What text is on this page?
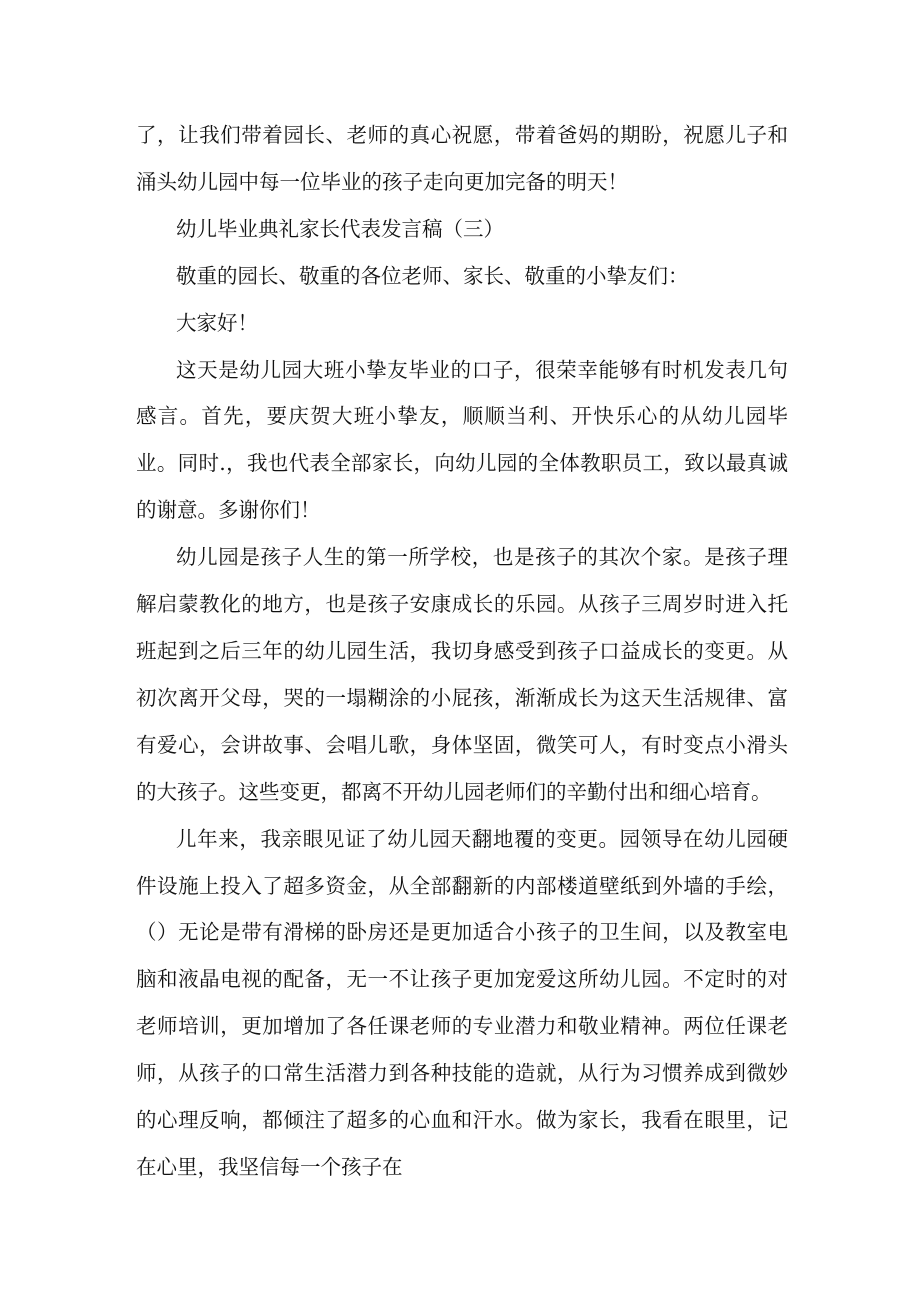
了，让我们带着园长、老师的真心祝愿，带着爸妈的期盼，祝愿儿子和涌头幼儿园中每一位毕业的孩子走向更加完备的明天！

幼儿毕业典礼家长代表发言稿（三）

敬重的园长、敬重的各位老师、家长、敬重的小挚友们：

大家好！

这天是幼儿园大班小挚友毕业的口子，很荣幸能够有时机发表几句感言。首先，要庆贺大班小挚友，顺顺当利、开快乐心的从幼儿园毕业。同时.，我也代表全部家长，向幼儿园的全体教职员工，致以最真诚的谢意。多谢你们！

幼儿园是孩子人生的第一所学校，也是孩子的其次个家。是孩子理解启蒙教化的地方，也是孩子安康成长的乐园。从孩子三周岁时进入托班起到之后三年的幼儿园生活，我切身感受到孩子口益成长的变更。从初次离开父母，哭的一塌糊涂的小屁孩，渐渐成长为这天生活规律、富有爱心，会讲故事、会唱儿歌，身体坚固，微笑可人，有时变点小滑头的大孩子。这些变更，都离不开幼儿园老师们的辛勤付出和细心培育。

儿年来，我亲眼见证了幼儿园天翻地覆的变更。园领导在幼儿园硬件设施上投入了超多资金，从全部翻新的内部楼道壁纸到外墙的手绘，（）无论是带有滑梯的卧房还是更加适合小孩子的卫生间，以及教室电脑和液晶电视的配备，无一不让孩子更加宠爱这所幼儿园。不定时的对老师培训，更加增加了各任课老师的专业潜力和敬业精神。两位任课老师，从孩子的口常生活潜力到各种技能的造就，从行为习惯养成到微妙的心理反响，都倾注了超多的心血和汗水。做为家长，我看在眼里，记在心里，我坚信每一个孩子在
